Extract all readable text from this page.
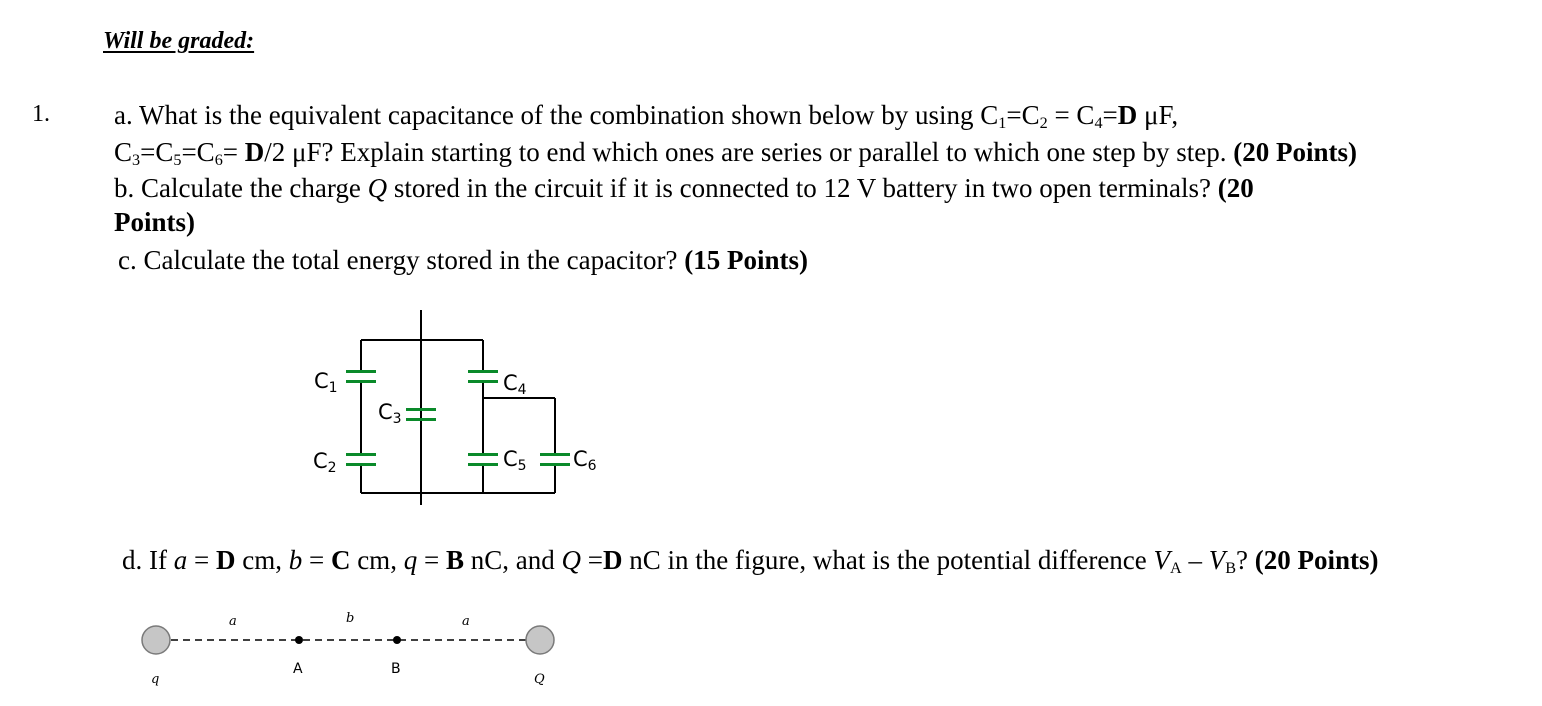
Will be graded:
1. a. What is the equivalent capacitance of the combination shown below by using $C_1=C_2 = C_4=D$ μF,
$C_3=C_5=C_6= D/2$ μF? Explain starting to end which ones are series or parallel to which one step by step. (20 Points)
b. Calculate the charge Q stored in the circuit if it is connected to 12 V battery in two open terminals? (20
Points)
c. Calculate the total energy stored in the capacitor? (15 Points)
d. If a = D cm, b = C cm, q = B nC, and Q =D nC in the figure, what is the potential difference $V_A - V_B$? (20 Points)
C1
C2
C3
C4
C5 C6
a	b	a
A	B
q	Q
